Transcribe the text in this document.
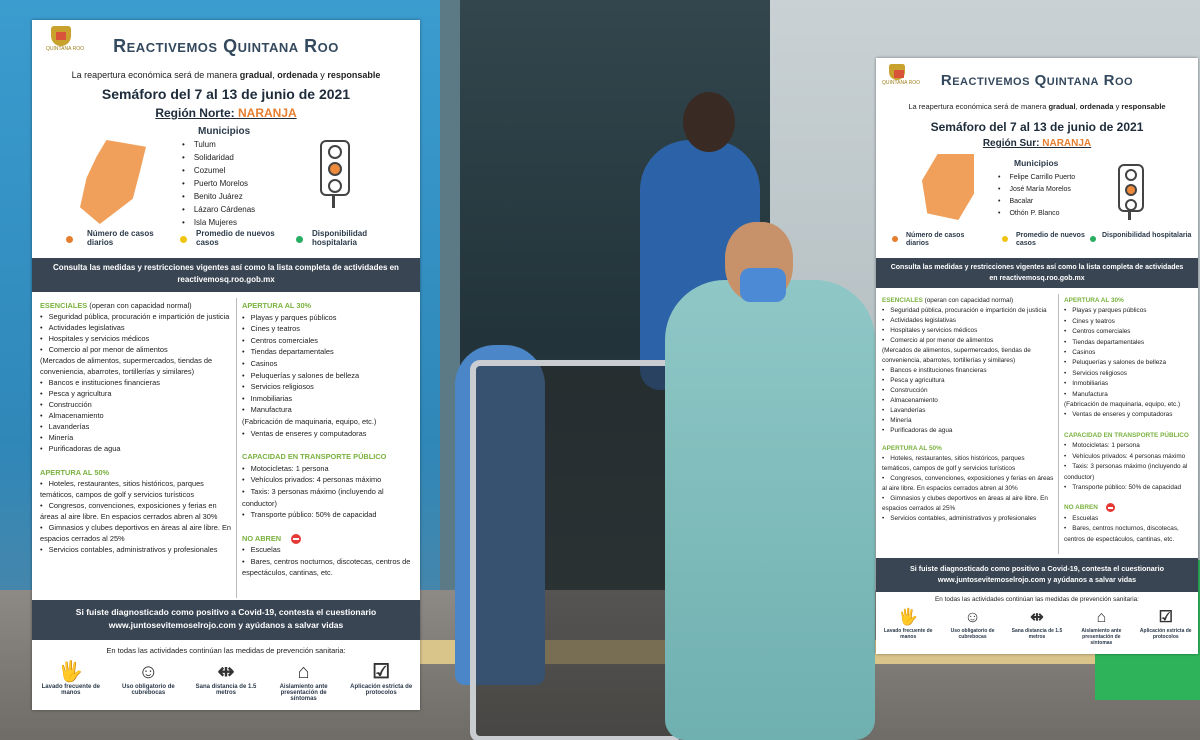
QUINTANA ROO	Reactivemos Quintana Roo
La reapertura económica será de manera gradual, ordenada y responsable
Semáforo del 7 al 13 de junio de 2021
Región Norte: NARANJA
Municipios
• Tulum
• Solidaridad
• Cozumel
• Puerto Morelos
• Benito Juárez
• Lázaro Cárdenas
• Isla Mujeres
Número de casos diarios
Promedio de nuevos casos
Disponibilidad hospitalaria
Consulta las medidas y restricciones vigentes así como la lista completa de actividades en reactivemosq.roo.gob.mx
ESENCIALES (operan con capacidad normal)
• Seguridad pública, procuración e impartición de justicia
• Actividades legislativas
• Hospitales y servicios médicos
• Comercio al por menor de alimentos
(Mercados de alimentos, supermercados, tiendas de conveniencia, abarrotes, tortillerías y similares)
• Bancos e instituciones financieras
• Pesca y agricultura
• Construcción
• Almacenamiento
• Lavanderías
• Minería
• Purificadoras de agua
APERTURA AL 50%
• Hoteles, restaurantes, sitios históricos, parques temáticos, campos de golf y servicios turísticos
• Congresos, convenciones, exposiciones y ferias en áreas al aire libre. En espacios cerrados abren al 30%
• Gimnasios y clubes deportivos en áreas al aire libre. En espacios cerrados al 25%
• Servicios contables, administrativos y profesionales
APERTURA AL 30%
• Playas y parques públicos
• Cines y teatros
• Centros comerciales
• Tiendas departamentales
• Casinos
• Peluquerías y salones de belleza
• Servicios religiosos
• Inmobiliarias
• Manufactura
(Fabricación de maquinaria, equipo, etc.)
• Ventas de enseres y computadoras
CAPACIDAD EN TRANSPORTE PÚBLICO
• Motocicletas: 1 persona
• Vehículos privados: 4 personas máximo
• Taxis: 3 personas máximo (incluyendo al conductor)
• Transporte público: 50% de capacidad
NO ABREN
• Escuelas
• Bares, centros nocturnos, discotecas, centros de espectáculos, cantinas, etc.
Si fuiste diagnosticado como positivo a Covid-19, contesta el cuestionario www.juntosevitemoselrojo.com y ayúdanos a salvar vidas
En todas las actividades continúan las medidas de prevención sanitaria:
🖐
Lavado frecuente de manos
☺
Uso obligatorio de cubrebocas
⇹
Sana distancia de 1.5 metros
⌂
Aislamiento ante presentación de síntomas
☑
Aplicación estricta de protocolos
QUINTANA ROO	Reactivemos Quintana Roo
La reapertura económica será de manera gradual, ordenada y responsable
Semáforo del 7 al 13 de junio de 2021
Región Sur: NARANJA
Municipios
• Felipe Carrillo Puerto
• José María Morelos
• Bacalar
• Othón P. Blanco
Número de casos diarios
Promedio de nuevos casos
Disponibilidad hospitalaria
Consulta las medidas y restricciones vigentes así como la lista completa de actividades en reactivemosq.roo.gob.mx
ESENCIALES (operan con capacidad normal)
• Seguridad pública, procuración e impartición de justicia
• Actividades legislativas
• Hospitales y servicios médicos
• Comercio al por menor de alimentos
(Mercados de alimentos, supermercados, tiendas de conveniencia, abarrotes, tortillerías y similares)
• Bancos e instituciones financieras
• Pesca y agricultura
• Construcción
• Almacenamiento
• Lavanderías
• Minería
• Purificadoras de agua
APERTURA AL 50%
• Hoteles, restaurantes, sitios históricos, parques temáticos, campos de golf y servicios turísticos
• Congresos, convenciones, exposiciones y ferias en áreas al aire libre. En espacios cerrados abren al 30%
• Gimnasios y clubes deportivos en áreas al aire libre. En espacios cerrados al 25%
• Servicios contables, administrativos y profesionales
APERTURA AL 30%
• Playas y parques públicos
• Cines y teatros
• Centros comerciales
• Tiendas departamentales
• Casinos
• Peluquerías y salones de belleza
• Servicios religiosos
• Inmobiliarias
• Manufactura
(Fabricación de maquinaria, equipo, etc.)
• Ventas de enseres y computadoras
CAPACIDAD EN TRANSPORTE PÚBLICO
• Motocicletas: 1 persona
• Vehículos privados: 4 personas máximo
• Taxis: 3 personas máximo (incluyendo al conductor)
• Transporte público: 50% de capacidad
NO ABREN
• Escuelas
• Bares, centros nocturnos, discotecas, centros de espectáculos, cantinas, etc.
Si fuiste diagnosticado como positivo a Covid-19, contesta el cuestionario www.juntosevitemoselrojo.com y ayúdanos a salvar vidas
En todas las actividades continúan las medidas de prevención sanitaria:
🖐
Lavado frecuente de manos
☺
Uso obligatorio de cubrebocas
⇹
Sana distancia de 1.5 metros
⌂
Aislamiento ante presentación de síntomas
☑
Aplicación estricta de protocolos
